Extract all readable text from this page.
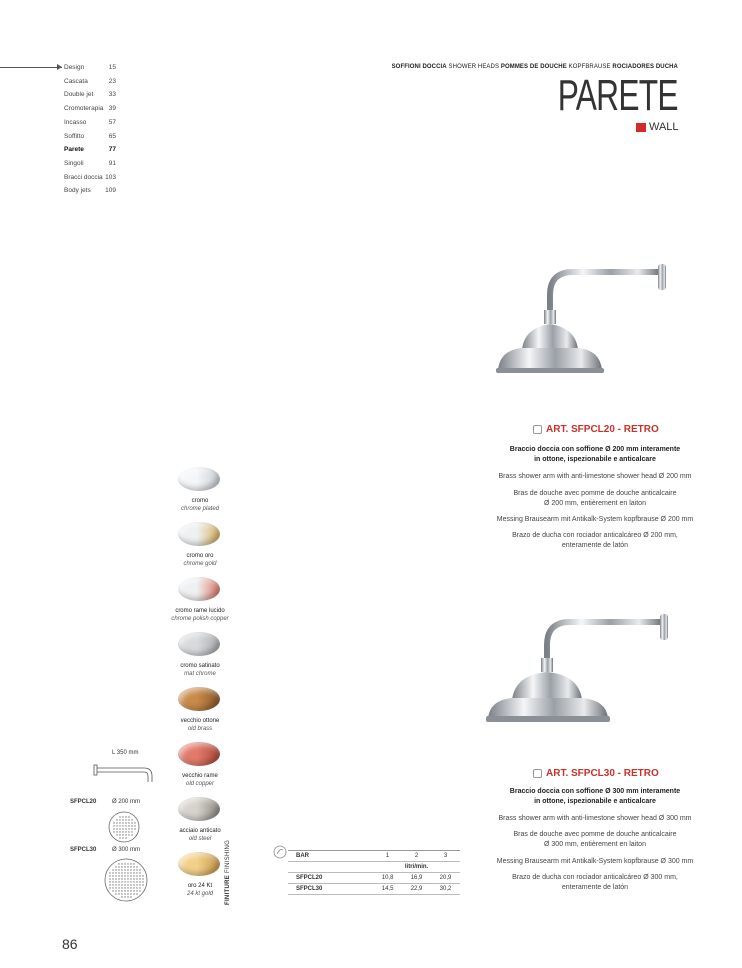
Design	15
Cascata	23
Double jet 33
Cromoterapia 39
Incasso	57
Soffitto	65
Parete	77
Singoli	91
Bracci doccia 103
Body jets 109
SOFFIONI DOCCIA SHOWER HEADS POMMES DE DOUCHE KOPFBRAUSE ROCIADORES DUCHA
PARETE
WALL
ART. SFPCL20 - RETRO
Braccio doccia con soffione Ø 200 mm interamente
in ottone, ispezionabile e anticalcare
Brass shower arm with anti-limestone shower head Ø 200 mm
Bras de douche avec pomme de douche anticalcaire
Ø 200 mm, entièrement en laiton
Messing Brausearm mit Antikalk-System kopfbrause Ø 200 mm
Brazo de ducha con rociador anticalcáreo Ø 200 mm,
enteramente de latón
ART. SFPCL30 - RETRO
Braccio doccia con soffione Ø 300 mm interamente
in ottone, ispezionabile e anticalcare
Brass shower arm with anti-limestone shower head Ø 300 mm
Bras de douche avec pomme de douche anticalcaire
Ø 300 mm, entièrement en laiton
Messing Brausearm mit Antikalk-System kopfbrause Ø 300 mm
Brazo de ducha con rociador anticalcáreo Ø 300 mm,
enteramente de latón
cromo
chrome plated
cromo oro
chrome gold
cromo rame lucido
chrome polish copper
cromo satinato
mat chrome
vecchio ottone
old brass
vecchio rame
old copper
acciaio anticato
old steel
oro 24 Kt
24 kt gold	FINITURE FINISHING
L 350 mm
SFPCL20	Ø 200 mm
SFPCL30	Ø 300 mm
BAR	1	2	3
	litri/min.		
SFPCL20	10,8	16,9	20,9
SFPCL30	14,5	22,9	30,2
86
